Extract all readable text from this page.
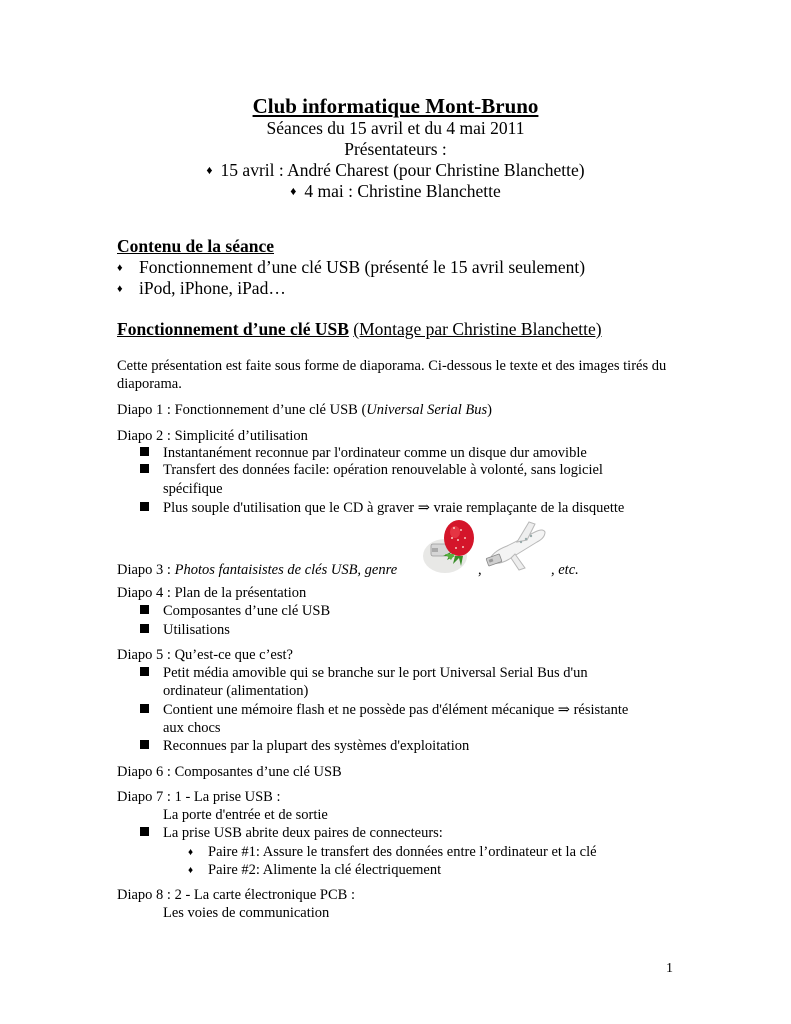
Club informatique Mont-Bruno

Séances du 15 avril et du 4 mai 2011

Présentateurs :

♦ 15 avril : André Charest (pour Christine Blanchette)

♦ 4 mai : Christine Blanchette

Contenu de la séance
♦ Fonctionnement d’une clé USB (présenté le 15 avril seulement)
♦ iPod, iPhone, iPad…
Fonctionnement d’une clé USB (Montage par Christine Blanchette)
Cette présentation est faite sous forme de diaporama. Ci-dessous le texte et des images tirés du diaporama.
Diapo 1 : Fonctionnement d’une clé USB (Universal Serial Bus)
Diapo 2 : Simplicité d’utilisation
Instantanément reconnue par l'ordinateur comme un disque dur amovible
Transfert des données facile: opération renouvelable à volonté, sans logiciel
spécifique
Plus souple d'utilisation que le CD à graver ⇒ vraie remplaçante de la disquette
Diapo 3 : Photos fantaisistes de clés USB, genre	,	, etc.
Diapo 4 : Plan de la présentation
Composantes d’une clé USB
Utilisations
Diapo 5 : Qu’est-ce que c’est?
Petit média amovible qui se branche sur le port Universal Serial Bus d'un
ordinateur (alimentation)
Contient une mémoire flash et ne possède pas d'élément mécanique ⇒ résistante
aux chocs
Reconnues par la plupart des systèmes d'exploitation
Diapo 6 : Composantes d’une clé USB
Diapo 7 : 1 - La prise USB :
La porte d'entrée et de sortie
La prise USB abrite deux paires de connecteurs:
♦ Paire #1: Assure le transfert des données entre l’ordinateur et la clé
♦ Paire #2: Alimente la clé électriquement
Diapo 8 : 2 - La carte électronique PCB :
Les voies de communication
1
